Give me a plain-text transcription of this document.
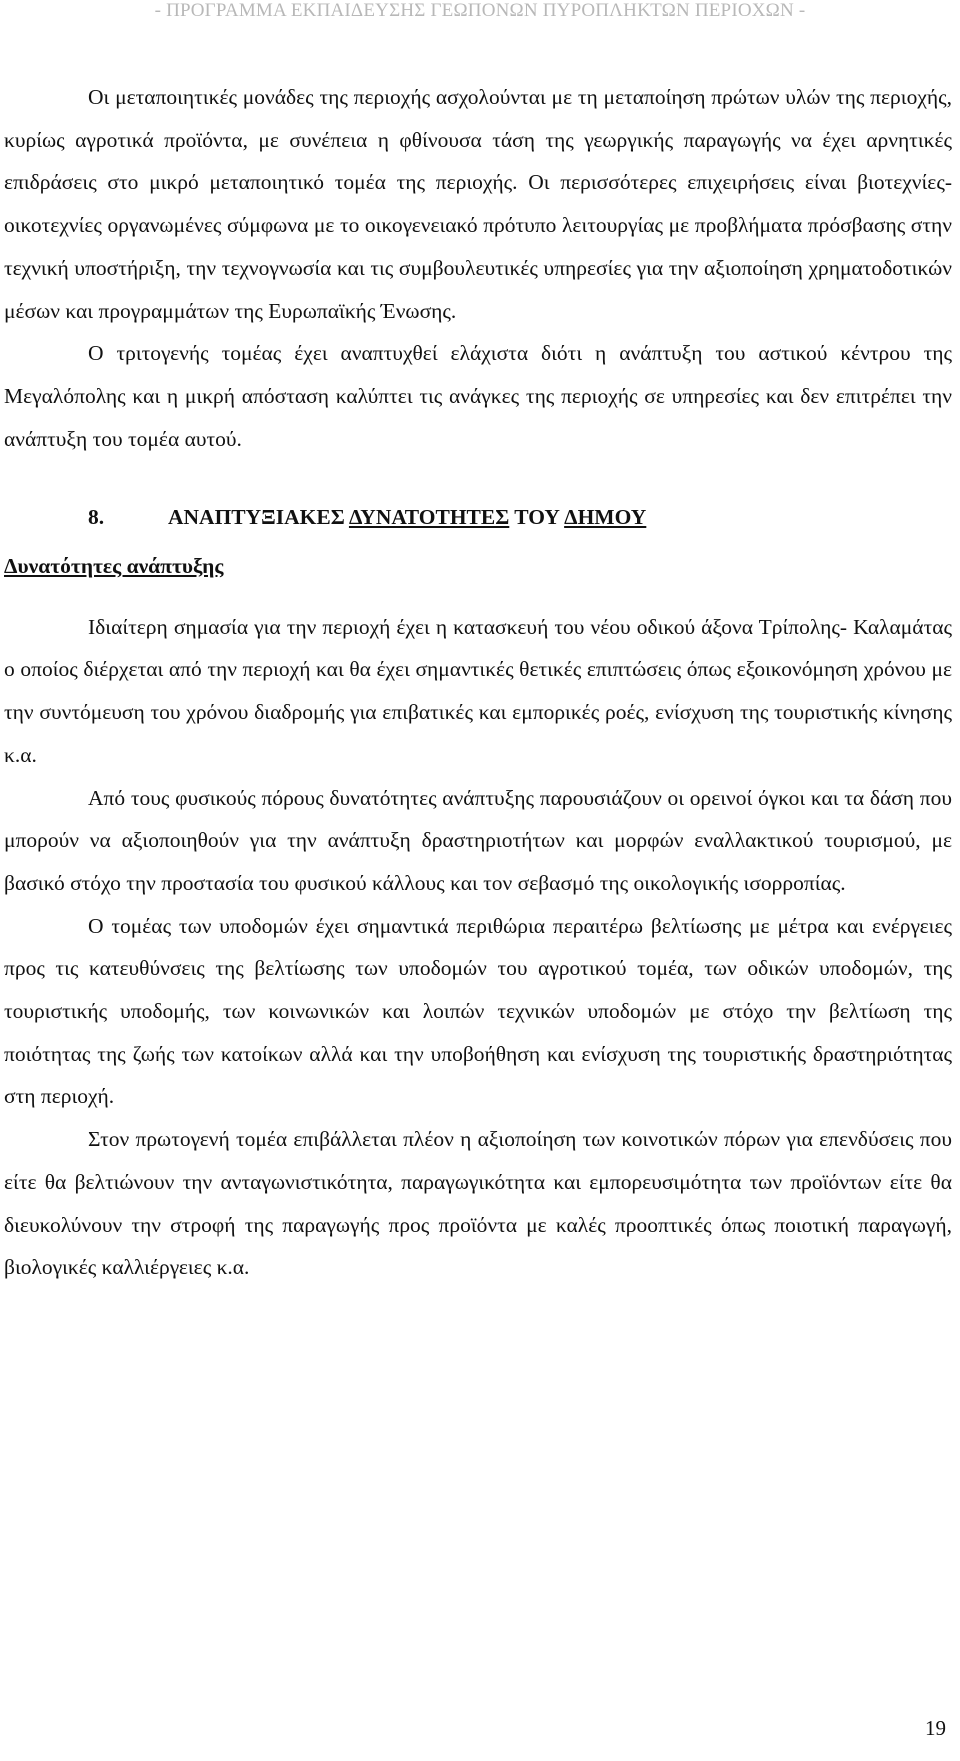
- ΠΡΟΓΡΑΜΜΑ ΕΚΠΑΙΔΕΥΣΗΣ ΓΕΩΠΟΝΩΝ ΠΥΡΟΠΛΗΚΤΩΝ ΠΕΡΙΟΧΩΝ -

Οι μεταποιητικές μονάδες της περιοχής ασχολούνται με τη μεταποίηση πρώτων υλών της περιοχής, κυρίως αγροτικά προϊόντα, με συνέπεια η φθίνουσα τάση της γεωργικής παραγωγής να έχει αρνητικές επιδράσεις στο μικρό μεταποιητικό τομέα της περιοχής. Οι περισσότερες επιχειρήσεις είναι βιοτεχνίες-οικοτεχνίες οργανωμένες σύμφωνα με το οικογενειακό πρότυπο λειτουργίας με προβλήματα πρόσβασης στην τεχνική υποστήριξη, την τεχνογνωσία και τις συμβουλευτικές υπηρεσίες για την αξιοποίηση χρηματοδοτικών μέσων και προγραμμάτων της Ευρωπαϊκής Ένωσης.

Ο τριτογενής τομέας έχει αναπτυχθεί ελάχιστα διότι η ανάπτυξη του αστικού κέντρου της Μεγαλόπολης και η μικρή απόσταση καλύπτει τις ανάγκες της περιοχής σε υπηρεσίες και δεν επιτρέπει την ανάπτυξη του τομέα αυτού.

8.	ΑΝΑΠΤΥΞΙΑΚΕΣ ΔΥΝΑΤΟΤΗΤΕΣ ΤΟΥ ΔΗΜΟΥ
Δυνατότητες ανάπτυξης

Ιδιαίτερη σημασία για την περιοχή έχει η κατασκευή του νέου οδικού άξονα Τρίπολης- Καλαμάτας ο οποίος διέρχεται από την περιοχή και θα έχει σημαντικές θετικές επιπτώσεις όπως εξοικονόμηση χρόνου με την συντόμευση του χρόνου διαδρομής για επιβατικές και εμπορικές ροές, ενίσχυση της τουριστικής κίνησης κ.α.

Από τους φυσικούς πόρους δυνατότητες ανάπτυξης παρουσιάζουν οι ορεινοί όγκοι και τα δάση που μπορούν να αξιοποιηθούν για την ανάπτυξη δραστηριοτήτων και μορφών εναλλακτικού τουρισμού, με βασικό στόχο την προστασία του φυσικού κάλλους και τον σεβασμό της οικολογικής ισορροπίας.

Ο τομέας των υποδομών έχει σημαντικά περιθώρια περαιτέρω βελτίωσης με μέτρα και ενέργειες προς τις κατευθύνσεις της βελτίωσης των υποδομών του αγροτικού τομέα, των οδικών υποδομών, της τουριστικής υποδομής, των κοινωνικών και λοιπών τεχνικών υποδομών με στόχο την βελτίωση της ποιότητας της ζωής των κατοίκων αλλά και την υποβοήθηση και ενίσχυση της τουριστικής δραστηριότητας στη περιοχή.

Στον πρωτογενή τομέα επιβάλλεται πλέον η αξιοποίηση των κοινοτικών πόρων για επενδύσεις που είτε θα βελτιώνουν την ανταγωνιστικότητα, παραγωγικότητα και εμπορευσιμότητα των προϊόντων είτε θα διευκολύνουν την στροφή της παραγωγής προς προϊόντα με καλές προοπτικές όπως ποιοτική παραγωγή, βιολογικές καλλιέργειες κ.α.

19
